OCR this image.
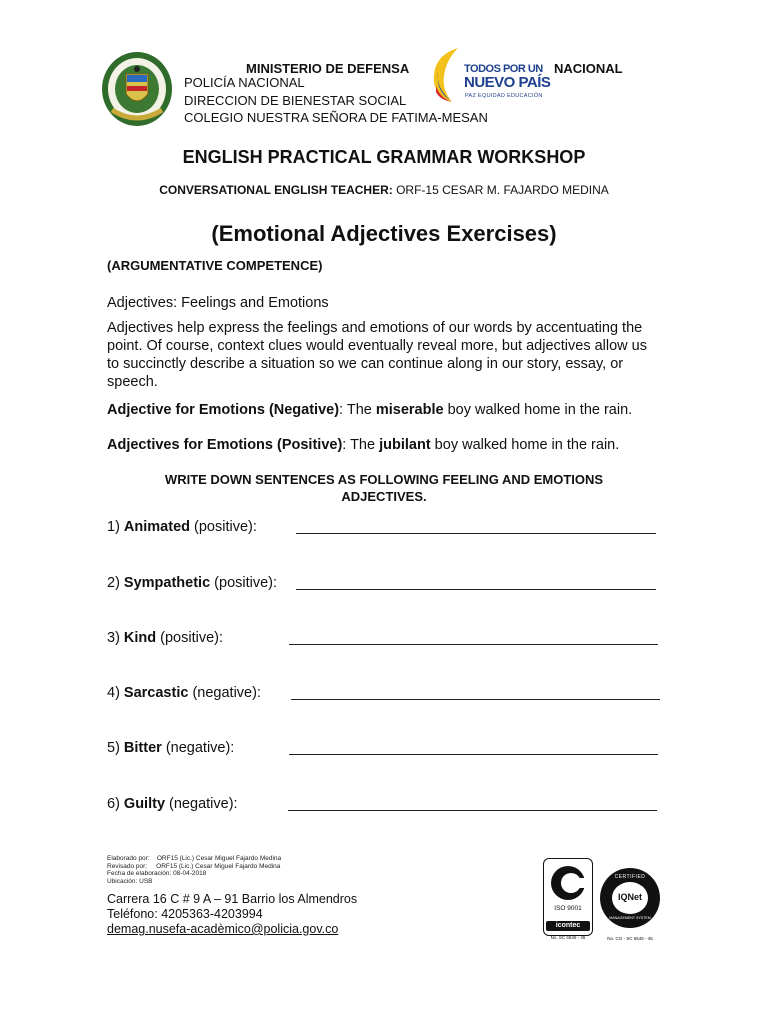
MINISTERIO DE DEFENSA
POLICÍA NACIONAL
DIRECCION DE BIENESTAR SOCIAL
COLEGIO NUESTRA SEÑORA DE FATIMA-MESAN
TODOS POR UN
NUEVO PAÍS
PAZ EQUIDAD EDUCACIÓN
NACIONAL
ENGLISH PRACTICAL GRAMMAR WORKSHOP
CONVERSATIONAL ENGLISH TEACHER: ORF-15 CESAR M. FAJARDO MEDINA
(Emotional Adjectives Exercises)
(ARGUMENTATIVE COMPETENCE)
Adjectives: Feelings and Emotions
Adjectives help express the feelings and emotions of our words by accentuating the point. Of course, context clues would eventually reveal more, but adjectives allow us to succinctly describe a situation so we can continue along in our story, essay, or speech.
Adjective for Emotions (Negative): The miserable boy walked home in the rain.
Adjectives for Emotions (Positive): The jubilant boy walked home in the rain.
WRITE DOWN SENTENCES AS FOLLOWING FEELING AND EMOTIONS ADJECTIVES.
1) Animated (positive):
2) Sympathetic (positive):
3) Kind (positive):
4) Sarcastic (negative):
5) Bitter (negative):
6) Guilty (negative):
Elaborado por:    ORF15 (Lic.) Cesar Miguel Fajardo Medina
Revisado por:     ORF15 (Lic.) Cesar Miguel Fajardo Medina
Fecha de elaboración: 08-04-2018
Ubicación: USB
Carrera 16 C # 9 A – 91 Barrio los Almendros
Teléfono: 4205363-4203994
demag.nusefa-acadèmico@policia.gov.co
ISO 9001
icontec
No. SC 6545 - 45
CERTIFIED
IQNet
MANAGEMENT SYSTEM
No. CO - SC 6545 - 45
